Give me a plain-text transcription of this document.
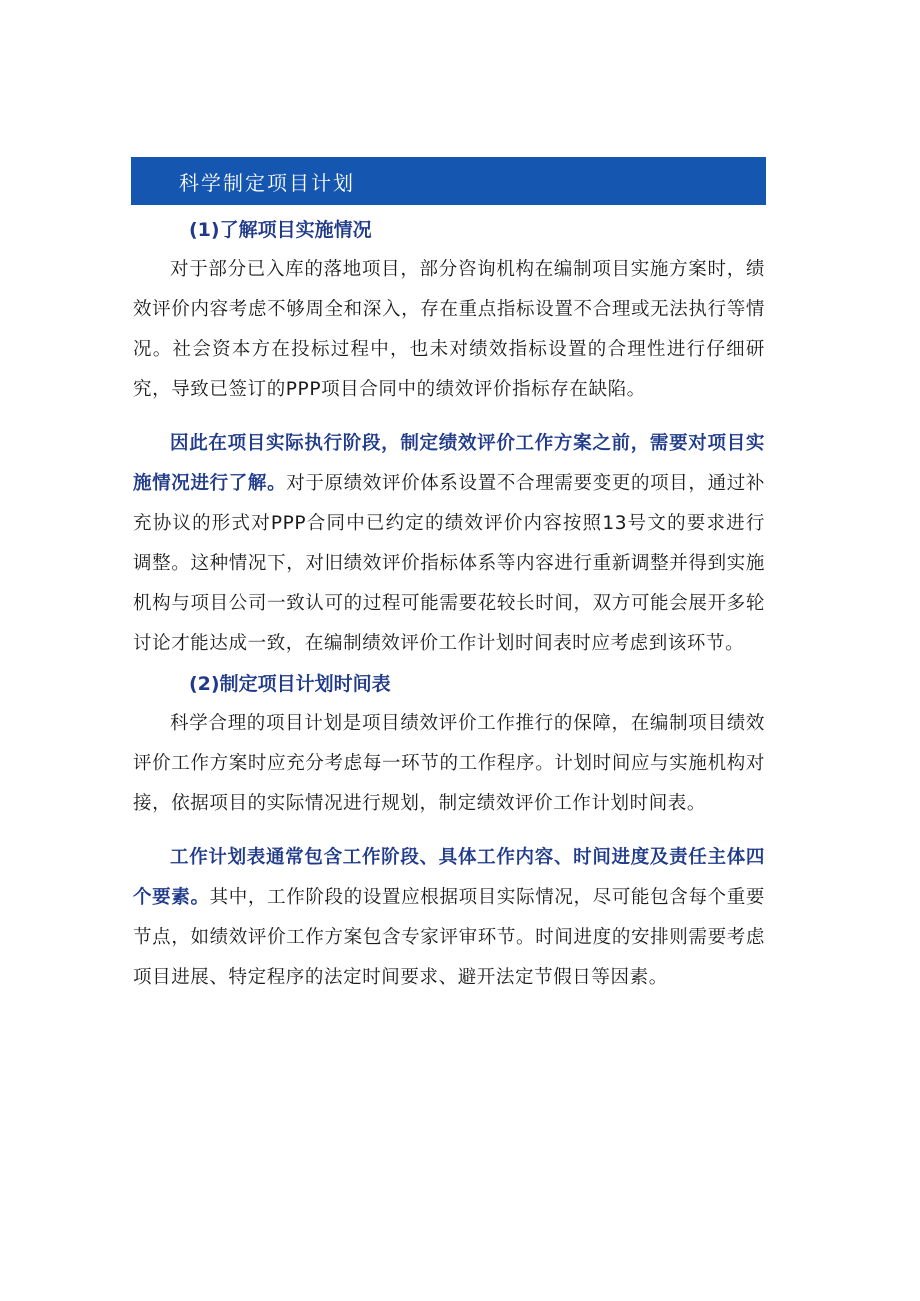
科学制定项目计划

(1)了解项目实施情况

对于部分已入库的落地项目，部分咨询机构在编制项目实施方案时，绩效评价内容考虑不够周全和深入，存在重点指标设置不合理或无法执行等情况。社会资本方在投标过程中，也未对绩效指标设置的合理性进行仔细研究，导致已签订的PPP项目合同中的绩效评价指标存在缺陷。

因此在项目实际执行阶段，制定绩效评价工作方案之前，需要对项目实施情况进行了解。对于原绩效评价体系设置不合理需要变更的项目，通过补充协议的形式对PPP合同中已约定的绩效评价内容按照13号文的要求进行调整。这种情况下，对旧绩效评价指标体系等内容进行重新调整并得到实施机构与项目公司一致认可的过程可能需要花较长时间，双方可能会展开多轮讨论才能达成一致，在编制绩效评价工作计划时间表时应考虑到该环节。

(2)制定项目计划时间表

科学合理的项目计划是项目绩效评价工作推行的保障，在编制项目绩效评价工作方案时应充分考虑每一环节的工作程序。计划时间应与实施机构对接，依据项目的实际情况进行规划，制定绩效评价工作计划时间表。

工作计划表通常包含工作阶段、具体工作内容、时间进度及责任主体四个要素。其中，工作阶段的设置应根据项目实际情况，尽可能包含每个重要节点，如绩效评价工作方案包含专家评审环节。时间进度的安排则需要考虑项目进展、特定程序的法定时间要求、避开法定节假日等因素。
